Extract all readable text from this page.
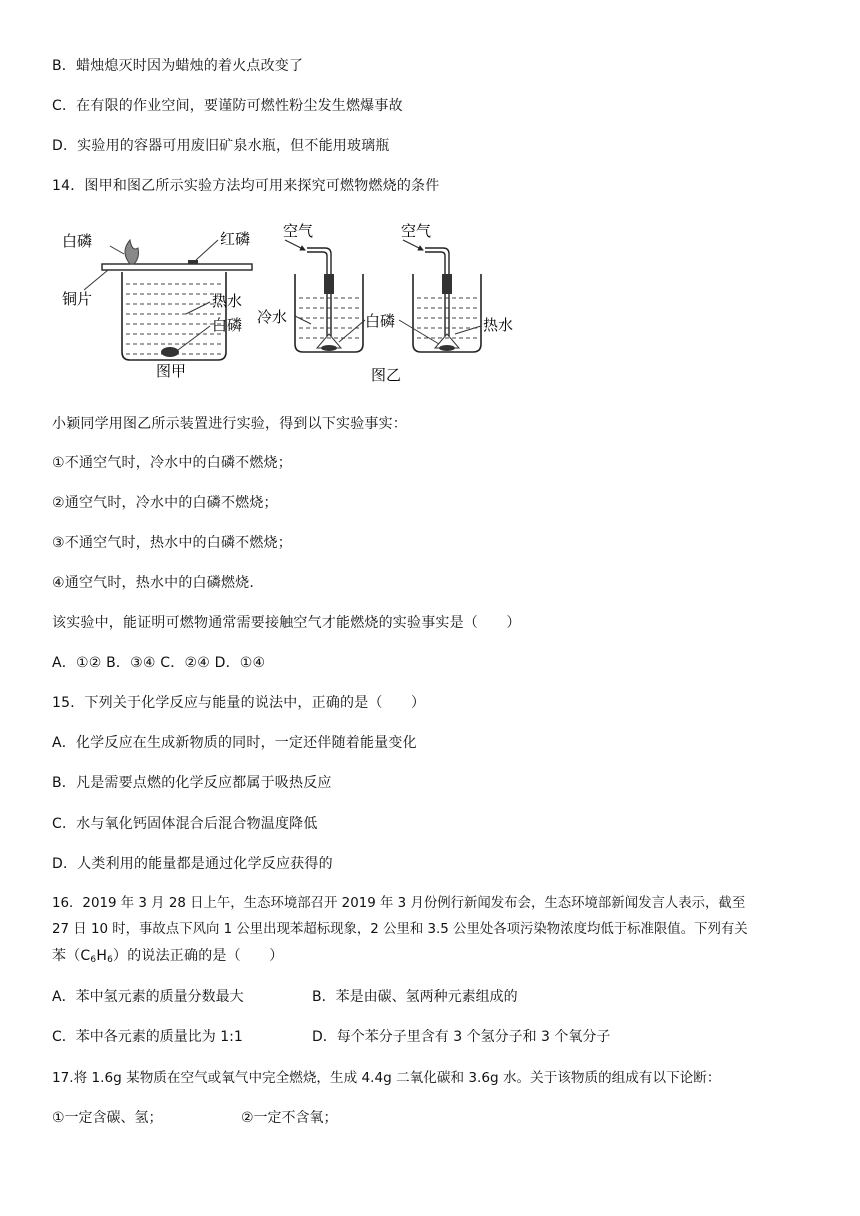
B．蜡烛熄灭时因为蜡烛的着火点改变了
C．在有限的作业空间，要谨防可燃性粉尘发生燃爆事故
D．实验用的容器可用废旧矿泉水瓶，但不能用玻璃瓶
14．图甲和图乙所示实验方法均可用来探究可燃物燃烧的条件
白磷	红磷
铜片	热水
白磷
图甲
空气	空气
冷水	白磷	热水
图乙
小颖同学用图乙所示装置进行实验，得到以下实验事实：
①不通空气时，冷水中的白磷不燃烧；
②通空气时，冷水中的白磷不燃烧；
③不通空气时，热水中的白磷不燃烧；
④通空气时，热水中的白磷燃烧.
该实验中，能证明可燃物通常需要接触空气才能燃烧的实验事实是（　　）
A．①② B．③④ C．②④ D．①④
15．下列关于化学反应与能量的说法中，正确的是（　　）
A．化学反应在生成新物质的同时，一定还伴随着能量变化
B．凡是需要点燃的化学反应都属于吸热反应
C．水与氧化钙固体混合后混合物温度降低
D．人类利用的能量都是通过化学反应获得的
16．2019 年 3 月 28 日上午，生态环境部召开 2019 年 3 月份例行新闻发布会，生态环境部新闻发言人表示，截至
27 日 10 时，事故点下风向 1 公里出现苯超标现象，2 公里和 3.5 公里处各项污染物浓度均低于标准限值。下列有关
苯$(C_6H_6)$的说法正确的是（　　）
A．苯中氢元素的质量分数最大	B．苯是由碳、氢两种元素组成的
C．苯中各元素的质量比为 1:1	D．每个苯分子里含有 3 个氢分子和 3 个氧分子
17.将 1.6g 某物质在空气或氧气中完全燃烧，生成 4.4g 二氧化碳和 3.6g 水。关于该物质的组成有以下论断：
①一定含碳、氢；	②一定不含氧；
